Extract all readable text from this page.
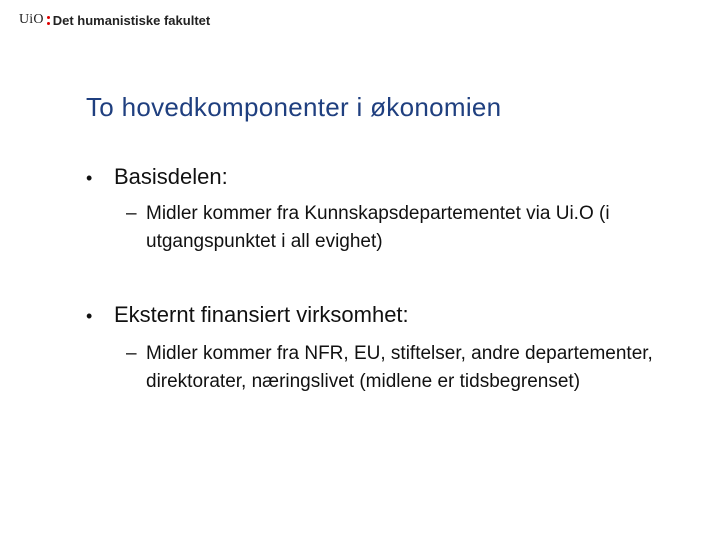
UiO Det humanistiske fakultet
To hovedkomponenter i økonomien
• Basisdelen:
– Midler kommer fra Kunnskapsdepartementet via Ui.O (i utgangspunktet i all evighet)
• Eksternt finansiert virksomhet:
– Midler kommer fra NFR, EU, stiftelser, andre departementer, direktorater, næringslivet (midlene er tidsbegrenset)
